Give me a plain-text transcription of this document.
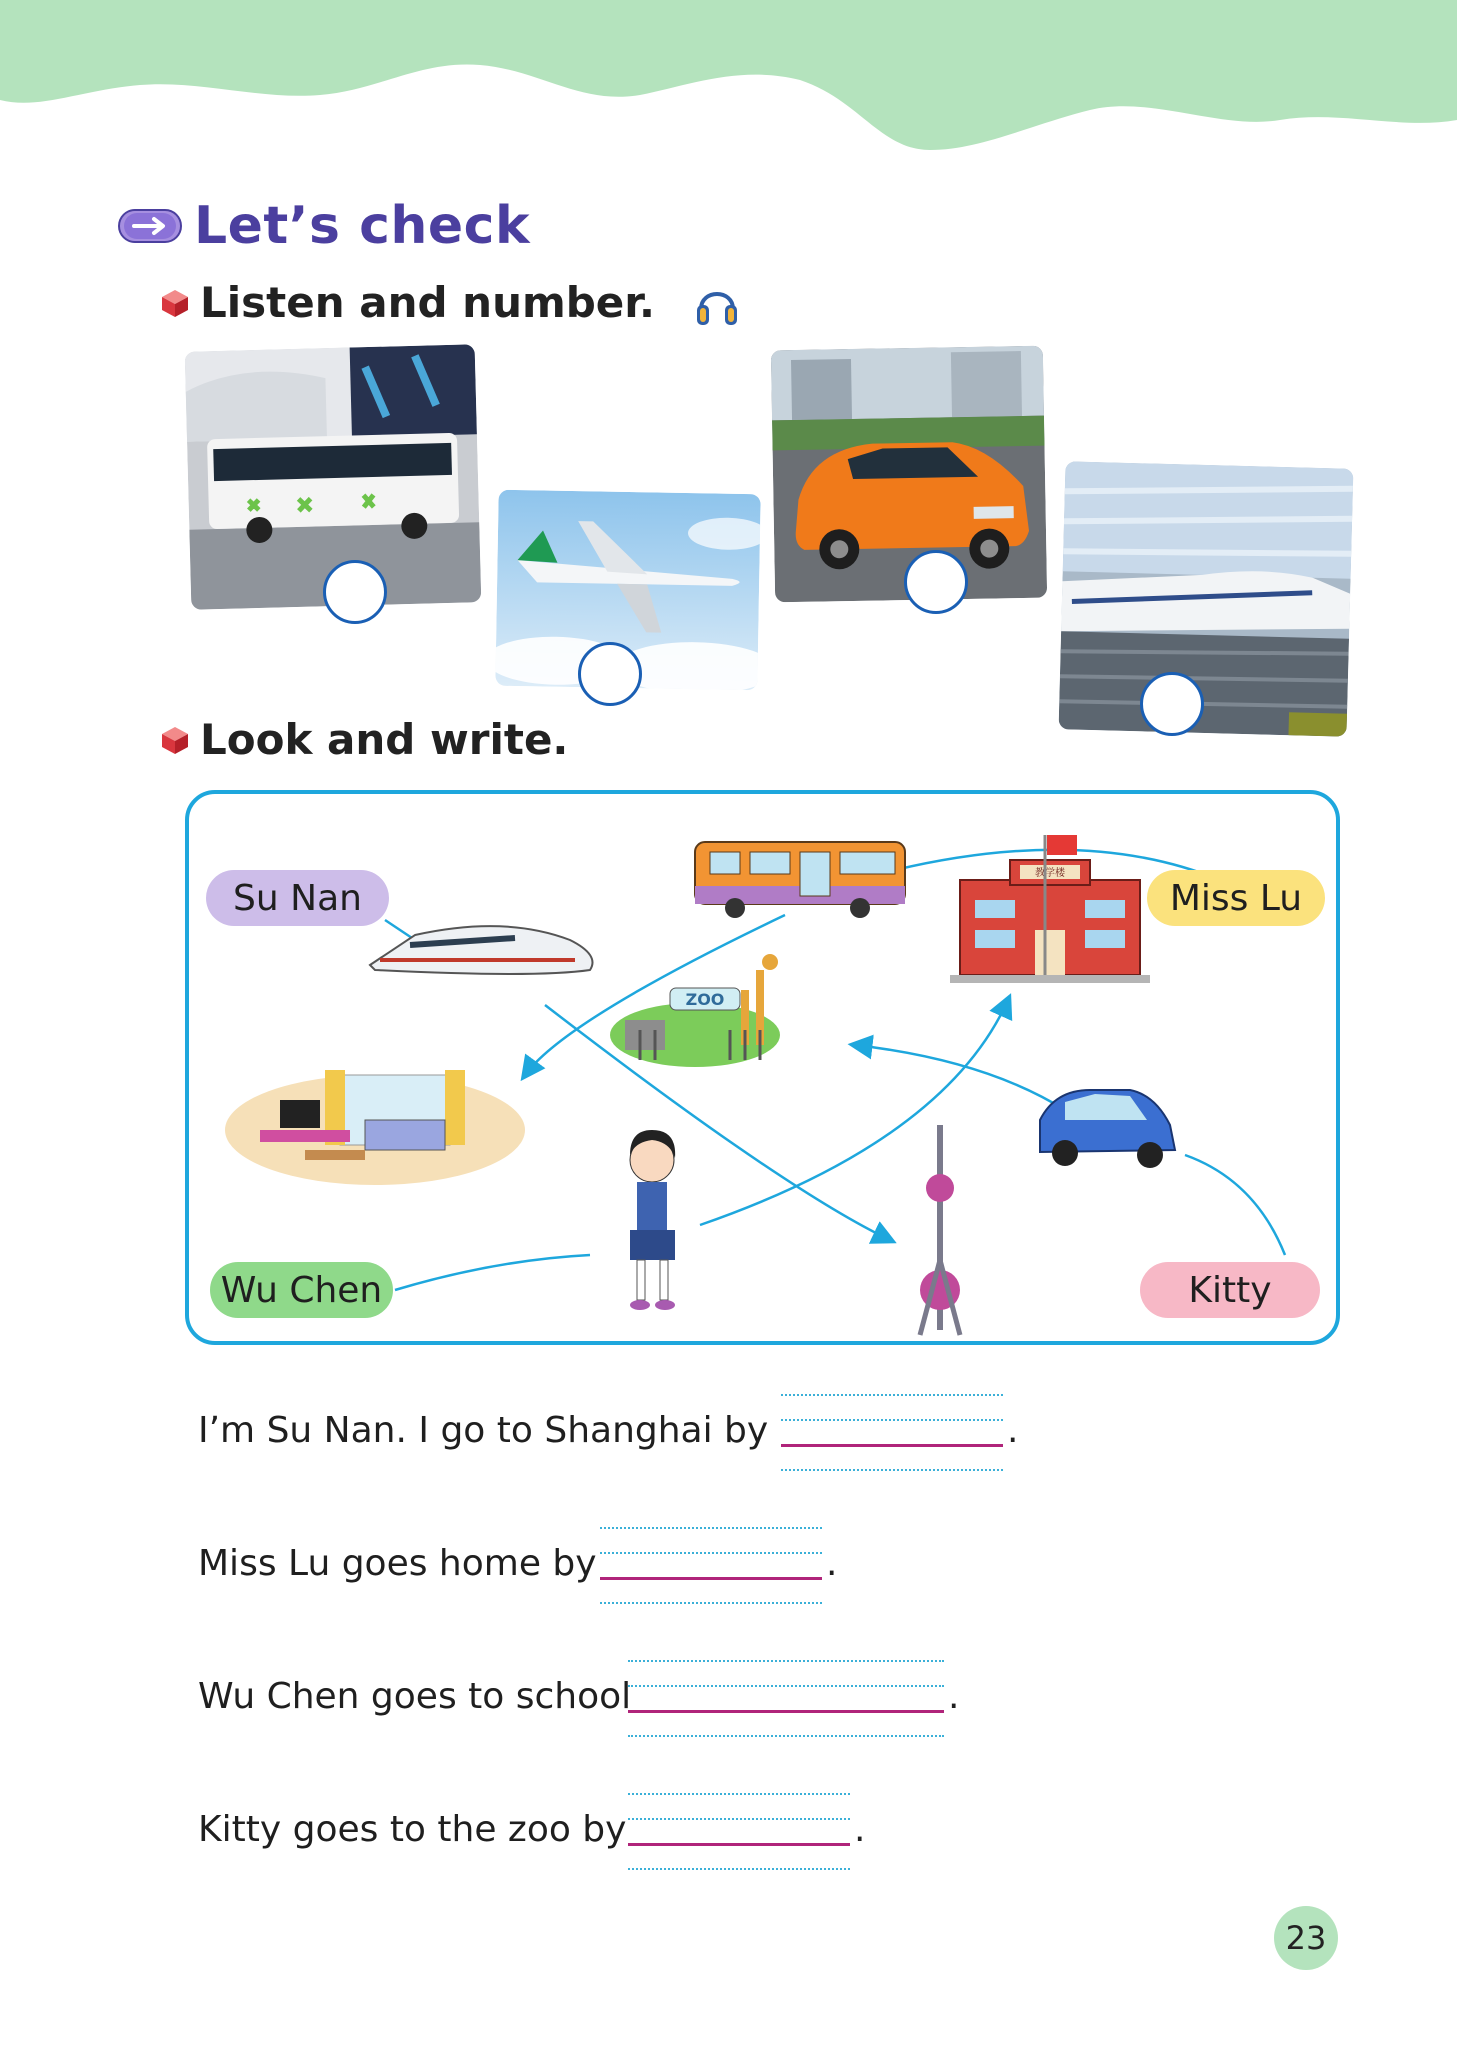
Let’s check
Listen and number.
Look and write.
教学楼
ZOO
Su Nan	Miss Lu
Wu Chen	Kitty
I’m Su Nan. I go to Shanghai by	.
Miss Lu goes home by	.
Wu Chen goes to school	.
Kitty goes to the zoo by	.
23
